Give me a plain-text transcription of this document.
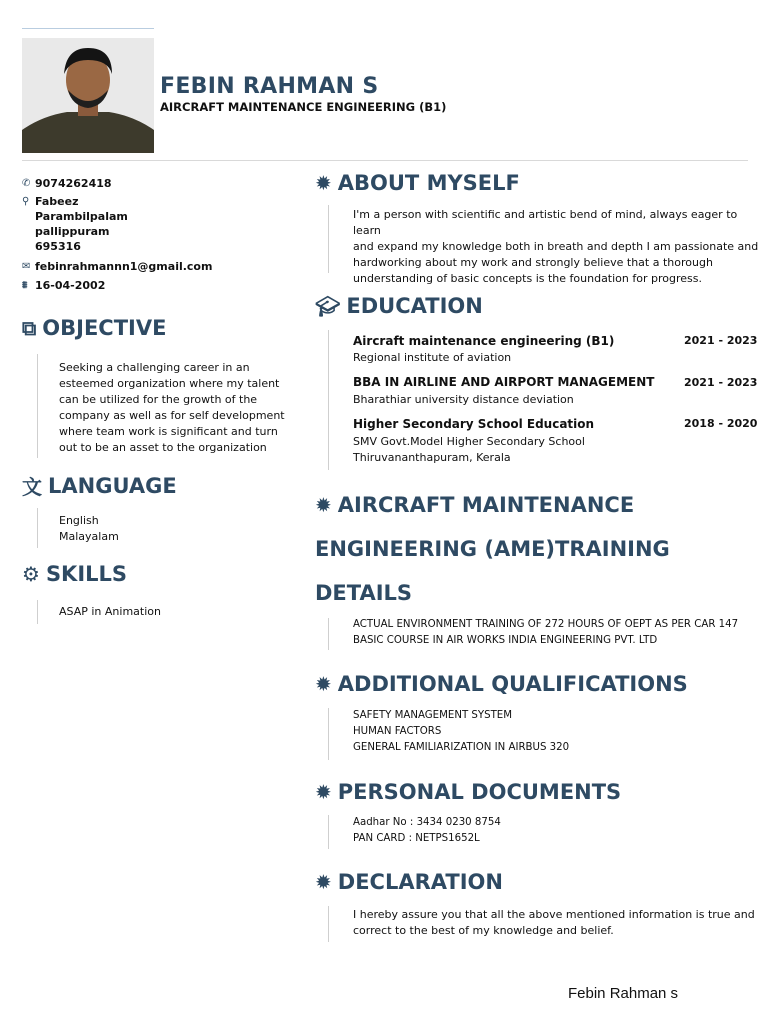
FEBIN RAHMAN S
AIRCRAFT MAINTENANCE ENGINEERING (B1)
✆ 9074262418
⚲ Fabeez
Parambilpalam
pallippuram
695316
✉ febinrahmannn1@gmail.com
⩩ 16-04-2002
⧉ OBJECTIVE
Seeking a challenging career in an
esteemed organization where my talent
can be utilized for the growth of the
company as well as for self development
where team work is significant and turn
out to be an asset to the organization
文 LANGUAGE
English
Malayalam
⚙ SKILLS
ASAP in Animation
✹ ABOUT MYSELF
I'm a person with scientific and artistic bend of mind, always eager to learn
and expand my knowledge both in breath and depth I am passionate and
hardworking about my work and strongly believe that a thorough
understanding of basic concepts is the foundation for progress.
🎓︎ EDUCATION
Aircraft maintenance engineering (B1)
Regional institute of aviation
2021 - 2023
BBA IN AIRLINE AND AIRPORT MANAGEMENT
Bharathiar university distance deviation
2021 - 2023
Higher Secondary School Education
SMV Govt.Model Higher Secondary School
Thiruvananthapuram, Kerala
2018 - 2020
✹ AIRCRAFT MAINTENANCE
ENGINEERING (AME)TRAINING
DETAILS
ACTUAL ENVIRONMENT TRAINING OF 272 HOURS OF OEPT AS PER CAR 147
BASIC COURSE IN AIR WORKS INDIA ENGINEERING PVT. LTD
✹ ADDITIONAL QUALIFICATIONS
SAFETY MANAGEMENT SYSTEM
HUMAN FACTORS
GENERAL FAMILIARIZATION IN AIRBUS 320
✹ PERSONAL DOCUMENTS
Aadhar No : 3434 0230 8754
PAN CARD : NETPS1652L
✹ DECLARATION
I hereby assure you that all the above mentioned information is true and
correct to the best of my knowledge and belief.
Febin Rahman s
